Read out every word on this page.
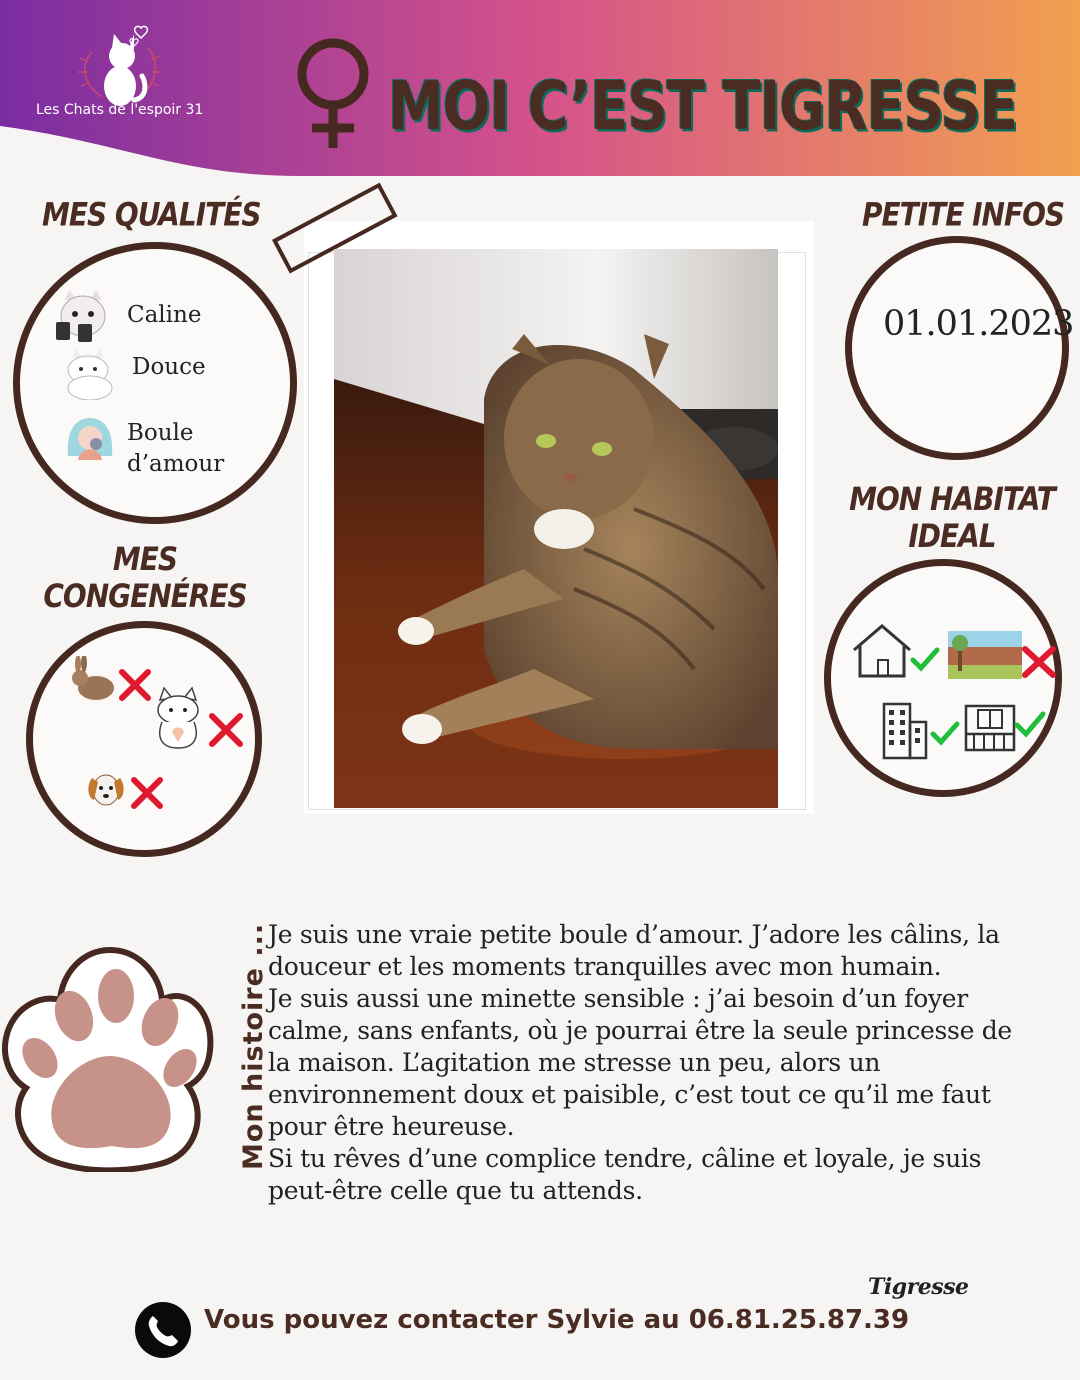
Les Chats de l'espoir 31	MOI C’EST TIGRESSE
MES QUALITÉS
Caline
Douce
Boule d’amour
MES CONGENÉRES
PETITE INFOS
01.01.2023
MON HABITAT
IDEAL
Mon histoire ... Je suis une vraie petite boule d’amour. J’adore les câlins, la douceur et les moments tranquilles avec mon humain.

Je suis aussi une minette sensible : j’ai besoin d’un foyer calme, sans enfants, où je pourrai être la seule princesse de la maison. L’agitation me stresse un peu, alors un environnement doux et paisible, c’est tout ce qu’il me faut pour être heureuse.

Si tu rêves d’une complice tendre, câline et loyale, je suis peut-être celle que tu attends.

Tigresse
Vous pouvez contacter Sylvie au 06.81.25.87.39
